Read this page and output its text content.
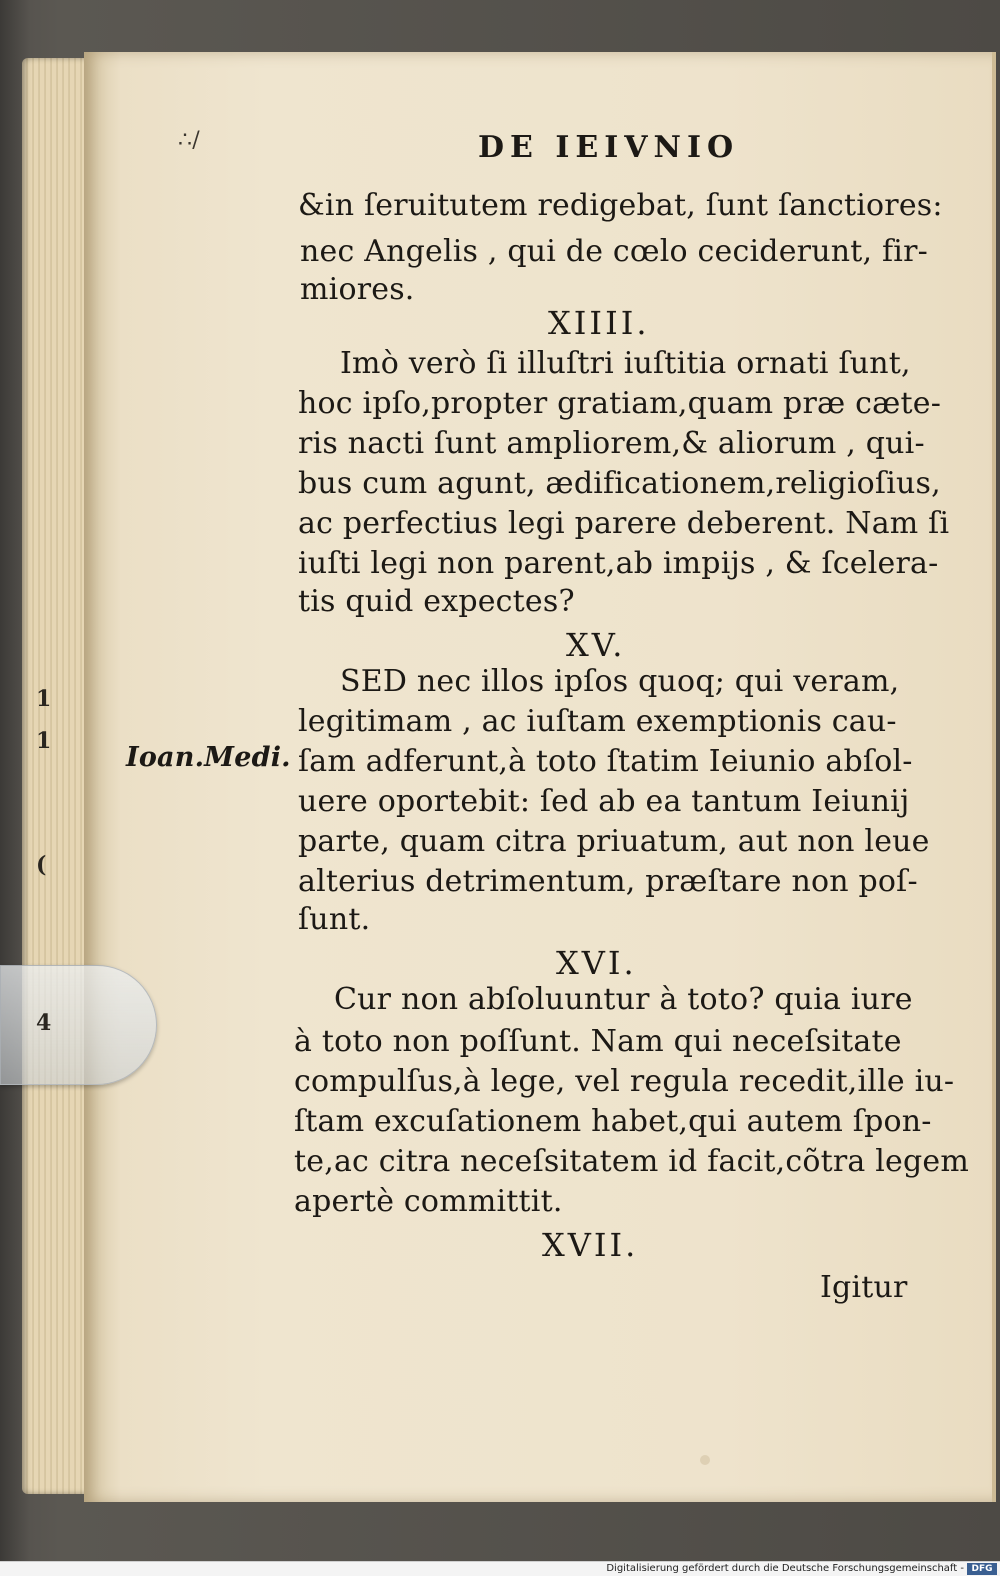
1
1
(
∴/	DE IEIVNIO
&in ſeruitutem redigebat, ſunt ſanctiores:
nec Angelis , qui de cœlo ceciderunt, fir-
miores.
XIIII.
Imò verò ſi illuſtri iuſtitia ornati ſunt,
hoc ipſo,propter gratiam,quam præ cæte-
ris nacti ſunt ampliorem,& aliorum , qui-
bus cum agunt, ædificationem,religioſius,
ac perfectius legi parere deberent. Nam ſi
iuſti legi non parent,ab impijs , & ſcelera-
tis quid expectes?
XV.
SED nec illos ipſos quoq; qui veram,
legitimam , ac iuſtam exemptionis cau-
ſam adferunt,à toto ſtatim Ieiunio abſol-
uere oportebit: ſed ab ea tantum Ieiunij
parte, quam citra priuatum, aut non leue
alterius detrimentum, præſtare non poſ-
ſunt.
XVI.
Cur non abſoluuntur à toto? quia iure
à toto non poſſunt. Nam qui neceſsitate
compulſus,à lege, vel regula recedit,ille iu-
ſtam excuſationem habet,qui autem ſpon-
te,ac citra neceſsitatem id facit,cõtra legem
apertè committit.
XVII.
Ioan.Medi.
Igitur
4
Digitalisierung gefördert durch die Deutsche Forschungsgemeinschaft - DFG
